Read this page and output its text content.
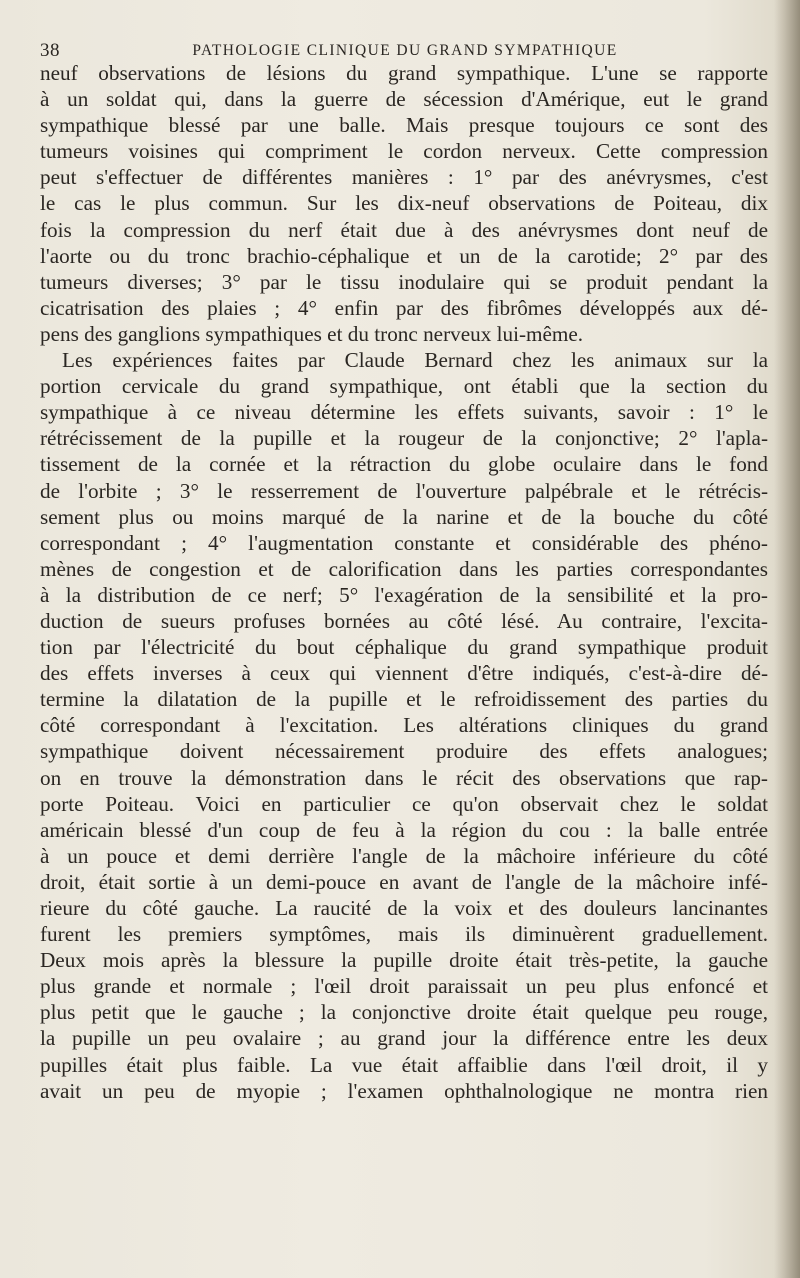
38	PATHOLOGIE CLINIQUE DU GRAND SYMPATHIQUE
neuf observations de lésions du grand sympathique. L'une se rapporte
à un soldat qui, dans la guerre de sécession d'Amérique, eut le grand
sympathique blessé par une balle. Mais presque toujours ce sont des
tumeurs voisines qui compriment le cordon nerveux. Cette compression
peut s'effectuer de différentes manières : 1° par des anévrysmes, c'est
le cas le plus commun. Sur les dix-neuf observations de Poiteau, dix
fois la compression du nerf était due à des anévrysmes dont neuf de
l'aorte ou du tronc brachio-céphalique et un de la carotide; 2° par des
tumeurs diverses; 3° par le tissu inodulaire qui se produit pendant la
cicatrisation des plaies ; 4° enfin par des fibrômes développés aux dé-
pens des ganglions sympathiques et du tronc nerveux lui-même.
Les expériences faites par Claude Bernard chez les animaux sur la
portion cervicale du grand sympathique, ont établi que la section du
sympathique à ce niveau détermine les effets suivants, savoir : 1° le
rétrécissement de la pupille et la rougeur de la conjonctive; 2° l'apla-
tissement de la cornée et la rétraction du globe oculaire dans le fond
de l'orbite ; 3° le resserrement de l'ouverture palpébrale et le rétrécis-
sement plus ou moins marqué de la narine et de la bouche du côté
correspondant ; 4° l'augmentation constante et considérable des phéno-
mènes de congestion et de calorification dans les parties correspondantes
à la distribution de ce nerf; 5° l'exagération de la sensibilité et la pro-
duction de sueurs profuses bornées au côté lésé. Au contraire, l'excita-
tion par l'électricité du bout céphalique du grand sympathique produit
des effets inverses à ceux qui viennent d'être indiqués, c'est-à-dire dé-
termine la dilatation de la pupille et le refroidissement des parties du
côté correspondant à l'excitation. Les altérations cliniques du grand
sympathique doivent nécessairement produire des effets analogues;
on en trouve la démonstration dans le récit des observations que rap-
porte Poiteau. Voici en particulier ce qu'on observait chez le soldat
américain blessé d'un coup de feu à la région du cou : la balle entrée
à un pouce et demi derrière l'angle de la mâchoire inférieure du côté
droit, était sortie à un demi-pouce en avant de l'angle de la mâchoire infé-
rieure du côté gauche. La raucité de la voix et des douleurs lancinantes
furent les premiers symptômes, mais ils diminuèrent graduellement.
Deux mois après la blessure la pupille droite était très-petite, la gauche
plus grande et normale ; l'œil droit paraissait un peu plus enfoncé et
plus petit que le gauche ; la conjonctive droite était quelque peu rouge,
la pupille un peu ovalaire ; au grand jour la différence entre les deux
pupilles était plus faible. La vue était affaiblie dans l'œil droit, il y
avait un peu de myopie ; l'examen ophthalnologique ne montra rien
